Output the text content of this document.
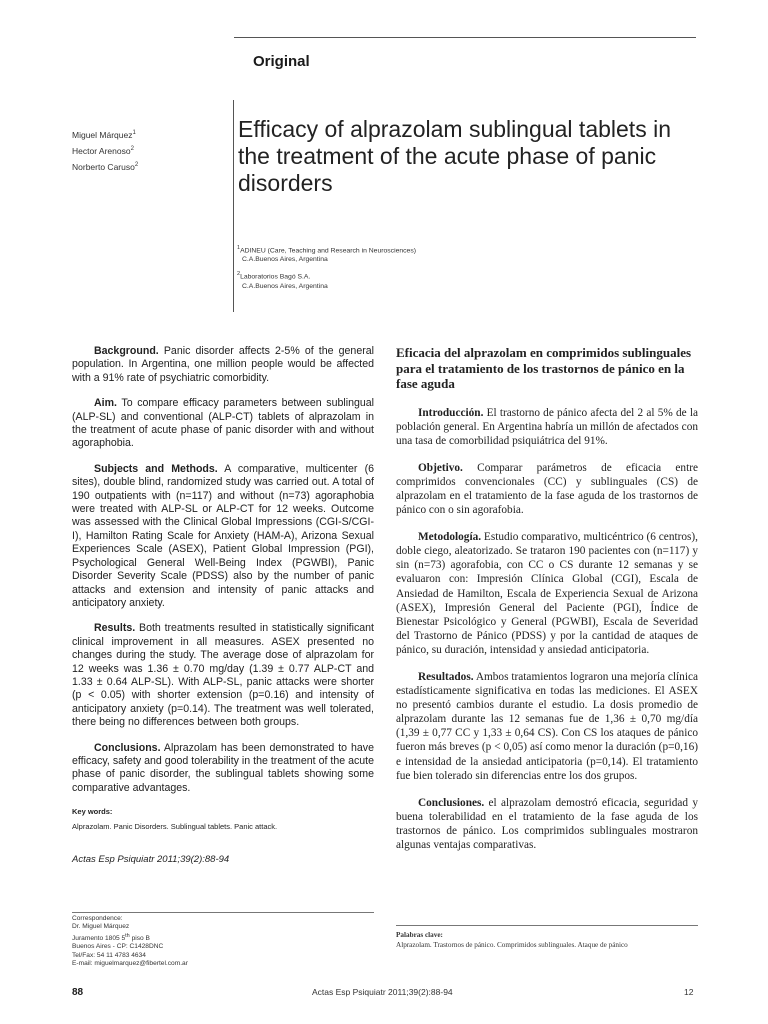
Original
Miguel Márquez$^1$
Hector Arenoso$^2$
Norberto Caruso$^2$
Efficacy of alprazolam sublingual tablets in the treatment of the acute phase of panic disorders
$^1$ADINEU (Care, Teaching and Research in Neurosciences)
C.A.Buenos Aires, Argentina
$^2$Laboratorios Bagó S.A.
C.A.Buenos Aires, Argentina

Background. Panic disorder affects 2-5% of the general population. In Argentina, one million people would be affected with a 91% rate of psychiatric comorbidity.

Aim. To compare efficacy parameters between sublingual (ALP-SL) and conventional (ALP-CT) tablets of alprazolam in the treatment of acute phase of panic disorder with and without agoraphobia.

Subjects and Methods. A comparative, multicenter (6 sites), double blind, randomized study was carried out. A total of 190 outpatients with (n=117) and without (n=73) agoraphobia were treated with ALP-SL or ALP-CT for 12 weeks. Outcome was assessed with the Clinical Global Impressions (CGI-S/CGI-I), Hamilton Rating Scale for Anxiety (HAM-A), Arizona Sexual Experiences Scale (ASEX), Patient Global Impression (PGI), Psychological General Well-Being Index (PGWBI), Panic Disorder Severity Scale (PDSS) also by the number of panic attacks and extension and intensity of panic attacks and anticipatory anxiety.

Results. Both treatments resulted in statistically significant clinical improvement in all measures. ASEX presented no changes during the study. The average dose of alprazolam for 12 weeks was 1.36 ± 0.70 mg/day (1.39 ± 0.77 ALP-CT and 1.33 ± 0.64 ALP-SL). With ALP-SL, panic attacks were shorter (p < 0.05) with shorter extension (p=0.16) and intensity of anticipatory anxiety (p=0.14). The treatment was well tolerated, there being no differences between both groups.

Conclusions. Alprazolam has been demonstrated to have efficacy, safety and good tolerability in the treatment of the acute phase of panic disorder, the sublingual tablets showing some comparative advantages.

Key words:
Alprazolam. Panic Disorders. Sublingual tablets. Panic attack.
Actas Esp Psiquiatr 2011;39(2):88-94
Correspondence:
Dr. Miguel Márquez
Juramento 1805 5th piso B
Buenos Aires - CP: C1428DNC
Tel/Fax: 54 11 4783 4634
E-mail: miguelmarquez@fibertel.com.ar
Eficacia del alprazolam en comprimidos sublinguales para el tratamiento de los trastornos de pánico en la fase aguda

Introducción. El trastorno de pánico afecta del 2 al 5% de la población general. En Argentina habría un millón de afectados con una tasa de comorbilidad psiquiátrica del 91%.

Objetivo. Comparar parámetros de eficacia entre comprimidos convencionales (CC) y sublinguales (CS) de alprazolam en el tratamiento de la fase aguda de los trastornos de pánico con o sin agorafobia.

Metodología. Estudio comparativo, multicéntrico (6 centros), doble ciego, aleatorizado. Se trataron 190 pacientes con (n=117) y sin (n=73) agorafobia, con CC o CS durante 12 semanas y se evaluaron con: Impresión Clínica Global (CGI), Escala de Ansiedad de Hamilton, Escala de Experiencia Sexual de Arizona (ASEX), Impresión General del Paciente (PGI), Índice de Bienestar Psicológico y General (PGWBI), Escala de Severidad del Trastorno de Pánico (PDSS) y por la cantidad de ataques de pánico, su duración, intensidad y ansiedad anticipatoria.

Resultados. Ambos tratamientos lograron una mejoría clínica estadísticamente significativa en todas las mediciones. El ASEX no presentó cambios durante el estudio. La dosis promedio de alprazolam durante las 12 semanas fue de 1,36 ± 0,70 mg/día (1,39 ± 0,77 CC y 1,33 ± 0,64 CS). Con CS los ataques de pánico fueron más breves (p < 0,05) así como menor la duración (p=0,16) e intensidad de la ansiedad anticipatoria (p=0,14). El tratamiento fue bien tolerado sin diferencias entre los dos grupos.

Conclusiones. el alprazolam demostró eficacia, seguridad y buena tolerabilidad en el tratamiento de la fase aguda de los trastornos de pánico. Los comprimidos sublinguales mostraron algunas ventajas comparativas.

Palabras clave:
Alprazolam. Trastornos de pánico. Comprimidos sublinguales. Ataque de pánico
88	Actas Esp Psiquiatr 2011;39(2):88-94	12
